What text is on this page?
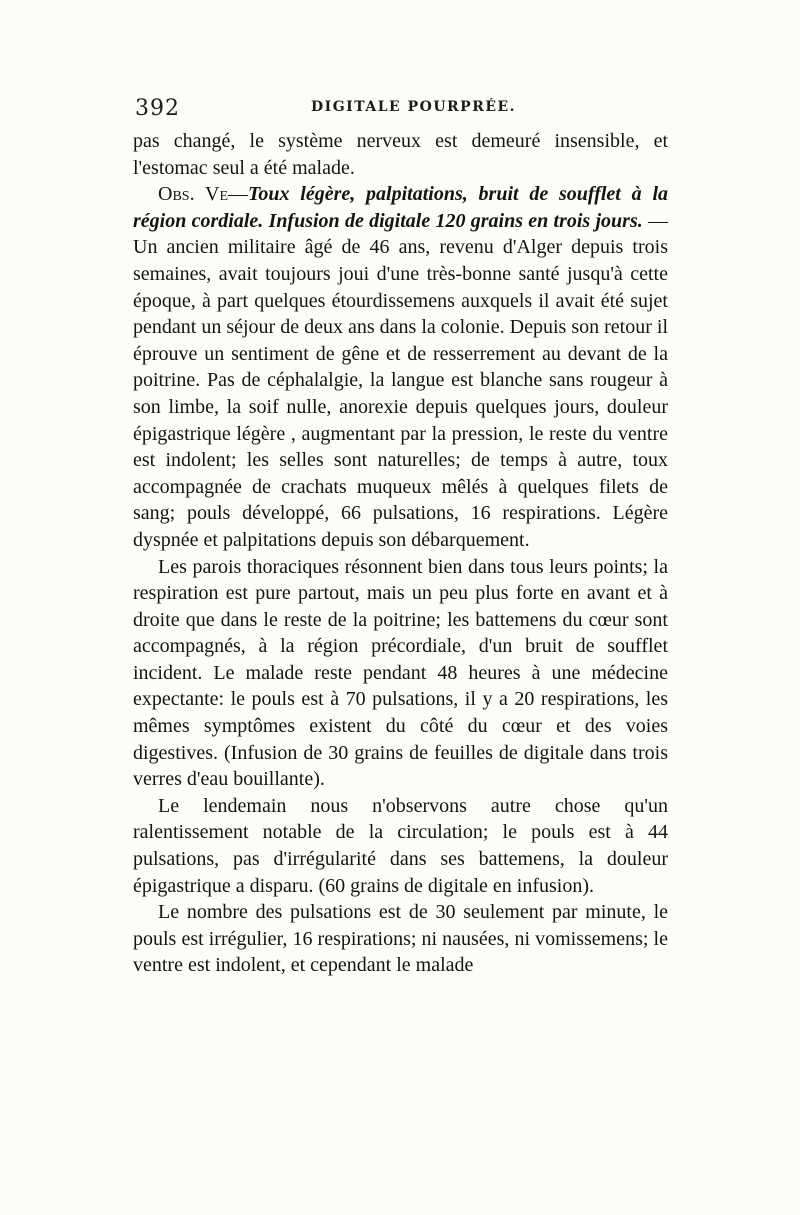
392	DIGITALE POURPRÉE.

pas changé, le système nerveux est demeuré insensible, et l'estomac seul a été malade.

Obs. Ve—Toux légère, palpitations, bruit de soufflet à la région cordiale. Infusion de digitale 120 grains en trois jours. — Un ancien militaire âgé de 46 ans, revenu d'Alger depuis trois semaines, avait toujours joui d'une très-bonne santé jusqu'à cette époque, à part quelques étourdissemens auxquels il avait été sujet pendant un séjour de deux ans dans la colonie. Depuis son retour il éprouve un sentiment de gêne et de resserrement au devant de la poitrine. Pas de céphalalgie, la langue est blanche sans rougeur à son limbe, la soif nulle, anorexie depuis quelques jours, douleur épigastrique légère , augmentant par la pression, le reste du ventre est indolent; les selles sont naturelles; de temps à autre, toux accompagnée de crachats muqueux mêlés à quelques filets de sang; pouls développé, 66 pulsations, 16 respirations. Légère dyspnée et palpitations depuis son débarquement.

Les parois thoraciques résonnent bien dans tous leurs points; la respiration est pure partout, mais un peu plus forte en avant et à droite que dans le reste de la poitrine; les battemens du cœur sont accompagnés, à la région précordiale, d'un bruit de soufflet incident. Le malade reste pendant 48 heures à une médecine expectante: le pouls est à 70 pulsations, il y a 20 respirations, les mêmes symptômes existent du côté du cœur et des voies digestives. (Infusion de 30 grains de feuilles de digitale dans trois verres d'eau bouillante).

Le lendemain nous n'observons autre chose qu'un ralentissement notable de la circulation; le pouls est à 44 pulsations, pas d'irrégularité dans ses battemens, la douleur épigastrique a disparu. (60 grains de digitale en infusion).

Le nombre des pulsations est de 30 seulement par minute, le pouls est irrégulier, 16 respirations; ni nausées, ni vomissemens; le ventre est indolent, et cependant le malade
